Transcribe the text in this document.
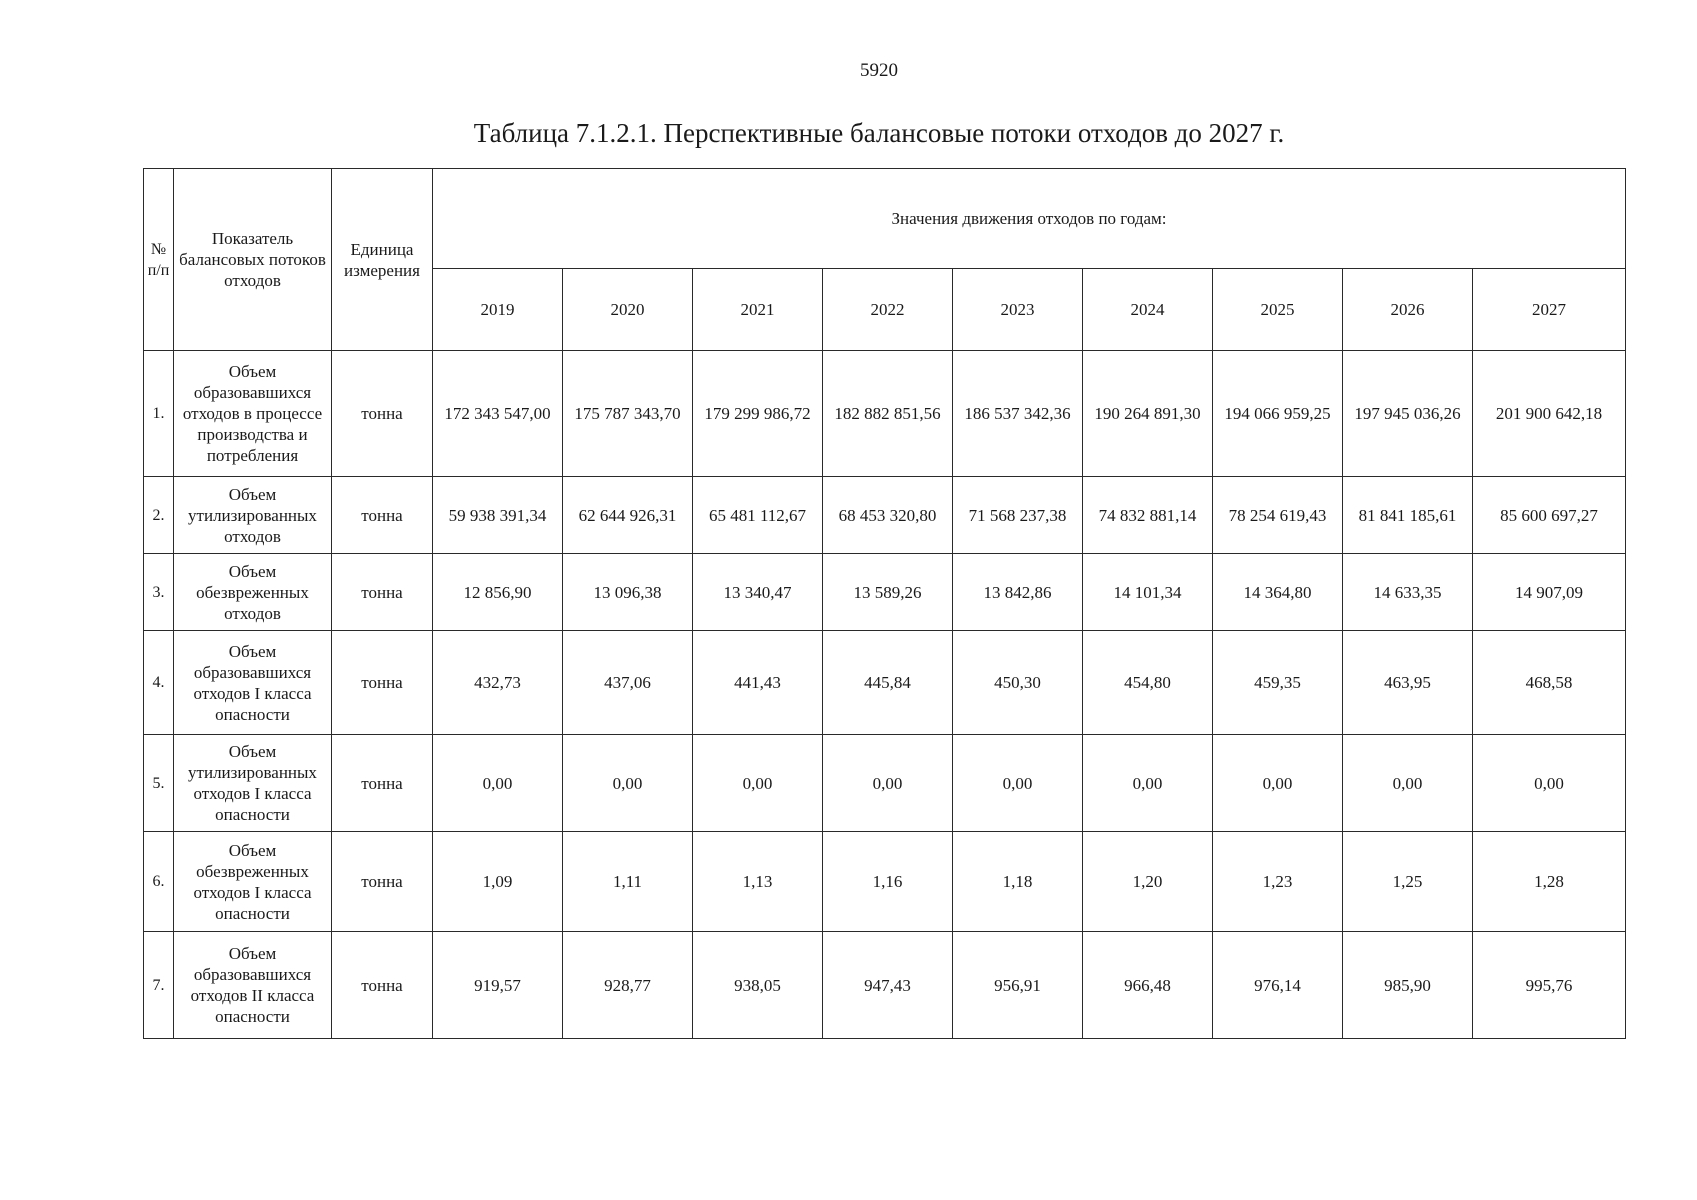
5920
Таблица 7.1.2.1. Перспективные балансовые потоки отходов до 2027 г.
№ п/п	Показатель балансовых потоков отходов	Единица измерения	Значения движения отходов по годам:								
			2019	2020	2021	2022	2023	2024	2025	2026	2027
1.	Объем образовавшихся отходов в процессе производства и потребления	тонна	172 343 547,00	175 787 343,70	179 299 986,72	182 882 851,56	186 537 342,36	190 264 891,30	194 066 959,25	197 945 036,26	201 900 642,18
2.	Объем утилизированных отходов	тонна	59 938 391,34	62 644 926,31	65 481 112,67	68 453 320,80	71 568 237,38	74 832 881,14	78 254 619,43	81 841 185,61	85 600 697,27
3.	Объем обезвреженных отходов	тонна	12 856,90	13 096,38	13 340,47	13 589,26	13 842,86	14 101,34	14 364,80	14 633,35	14 907,09
4.	Объем образовавшихся отходов I класса опасности	тонна	432,73	437,06	441,43	445,84	450,30	454,80	459,35	463,95	468,58
5.	Объем утилизированных отходов I класса опасности	тонна	0,00	0,00	0,00	0,00	0,00	0,00	0,00	0,00	0,00
6.	Объем обезвреженных отходов I класса опасности	тонна	1,09	1,11	1,13	1,16	1,18	1,20	1,23	1,25	1,28
7.	Объем образовавшихся отходов II класса опасности	тонна	919,57	928,77	938,05	947,43	956,91	966,48	976,14	985,90	995,76
